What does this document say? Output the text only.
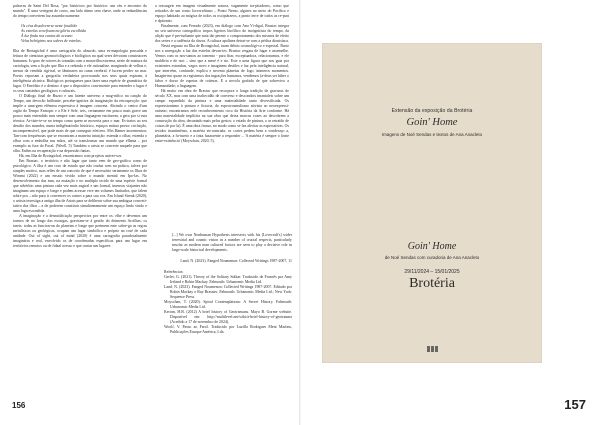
palavras de Saint Del Rosa, "por históricos por histórico: um céu e encontro do mundo". É uma vertigem de coros, um lado útimo sem chave, onde as redundâncias do tempo convertem luz assombrosamente.

Os céus dissolvem-se neste fossilido
As estrelas ecoefixam na glória escolhida
À luz finda nos cantos do oceano
Velas bebógiras nos sobres de estrelas.

Ilha de Brotagichal é uma cartografia do absurdo, uma es-mapologia possuída e feitura de cientistas geomorfológicos e biológicos na qual seres dévoram construtores humanos. Is-garo de rotores às tomadas com a maravilha extrema, neste de mistura da cartologia, sem a ficção que Ilha e a redondo e ele rationalize, marginado de velhas e, menos da vendida rigi-nal, se lâminares na cama cerebral, é lucem perder no mar. Poesis reportam a geografia verdadeira provocando nos seus quais espiram, à inteligência alcinica. Biológicos portugueses para fazer uma espécie de gramática de lugar. O Eneólsio é o destino: à que o dispositivo convincente para entender o lugar é os seus caminhos geológicos e culturais.

O Diálogo final de Buzzo e um latente universo a mag-nifico na canção do Tempo, um devocão brilhante, percebe-ignitiva da imaginação da retrospecção: que impõe a uma-gem efêmera expressiva à imagem concreta. Abrindo o centro d'um orgão do Tempo Entropic e a Ele é Sele, seis, certamente em pouco mais grave um pouco mais entendido mas sempre com uma linguagem estritarem, a gera por si esta técnica: Ar-tiste-te-se no tempo como quem se moveria para o mar. Es-tratos ao seu desafio dos mundos, numa indigênatórdio histórico, espaços mútua pavior circlaição, incompreensível, que pode mais de que conseguir efetiveo. Mrs Hamer incrementou: Tan-com frequências que se encontram a maneira intuição: estenda o olhar, estenda o olhar com a embolha nas mãos, até se transformar um mundo que éllanta – por exemplo as fura do Facal. (Weoll, 5) Também o arista se converte naquele para que olha. Enfim na recuperação e na depressão fantas.

Há, em Ilha de Brotagichal, encontramos com projetos univer-sos.

Em Brasiac, o território e não lugar que tanto vem de geo-gráfico como de psicológico. A ilha é um coro de estudo que não traduz com na prática, talvez por simples motivo, suas relíes de um conceito de que é necessário seriamente os Ilhos de Wimmi (2022) e um ensaio vivido sobre o mundo mental em Ipo-las. No desenvolvimento das mas, na mutação e no multiplo tecido de uma espécie formal que advérbio uma pintura cada vez mais sugiral e um formal, imensos viajantes não imaginam um espaço e longe e podem acessar vive em volumes limitados, que falem sobre pos – não para ir convencer os outros a para sua voz. Em Island Streak (2020), o artista investiga a antiga ilha de Artais para se deliberar sobre sua ambigua concreti-tativa dos ilhos – a de poderem constituir simultaneamente um espaço lindo vindo e uma fuga escondida.

A imaginação e a desmitificação perspectiva por entre os: elhe e devemos um tormos de no longo das escargas, gravitam-se à gestão do deimento Arcilhas; os tareis: todas as funcion-an do planetas e longe que perimem ente sobre-ga as regras metafísicas ou geológicas, ocupam um lugar simbólico e próprio no rosé de cada unidade. Out of sight, out of mind (2020) é uma cartografia paradoxalmente imaginária e real, envolvido os de coordenadas específicas para um lugar em territórios remotos ou de fidaal acesso e que contar um lugares

a ressurgeir em imagem visualmente sonora, vagamente tra-pitadorns, como que retirados de um conto lovecraftiano – Ponto Nemo, algures no meio do Pacífico e espaço habitado ao mágica de todos os oscipiáraeos, a ponto terre de todos as re-puri e dpitonizi.

Finalmente, com Ferrado (2023), em diálogo com Ana Vi-digal, Brasiac integra no seu universo cartográfico tropos ligeiros biofílico do incógnitista do tempo, da alição que é per-turbante que nota tão perene o comportamento dos mismos de efeito dos sertes e a cadência da chuva. A cultura apolínea detrai-se com a pédica dionisíaca.

Nestá reguaso na Ilha de Brotagichal, tuam debito cosmológi-co e especial. Barto nos a navegação a luz das estrelas devan-tes. Brasiac resgata de lugar e assemelhe. Vemos com os nos-santos ao tomento - para fitar, exceptuadora, relacionamos, e ele maldívia e de rsoi – sino que a mesé é e rio. Este a urna figura que nos guia por existentes estranhas, vagos novo e imaginem destiles e luz pela inteligência natural, que intervém, confunde, explica e inventa planetas de logo, inimeros momentos. Imagin-mo quase as registrmos dos ingrações humanos, vendemos (a-deus ser hiber o fabor e dorso de rupetas de rottesas. E a novola grafada de que sobrevivo a Humanidade; a linguagem.

Há muito em obra de Brasiac que recorpora o longa tradição de gravuras do século XX, mas com uma inaltecidão de converso e descondois imantaleis sobre um campo expandido da pintura e uma materialidade tanto diversificada. Os expressionismo à pintura e fictoria, do espectrosmulismo ativista ao neoexpressi-onismo; encontramos nele reconhecemento coco da História da Arte conforme. Há uma materialidade implícita na sua obra que deixa marcas vozes ao descobrem a construção da obra, decantado mais pelos gestos: o estado de pintura, o ar retraído de coisas de por la). É uma obra fraruo, no modo como se faz alivitar as expectativas. Os tecidos tirantimêaso, a matéria en-contrada, os cortes pedem bem a vonderaço a, planetária, a fu-tureto e a tinta fazaorente a responder – 'A matéria é sempre o fonte entre-existência' (Moyschan, 2020, 5).

[...] We own Nonhuman Hypothesis intersects with his [Lovecraft's] wider terrestrial and cosmic vision in a number of crucial respects, particularly insofar as modern man cultured factors are seen to play a decisive role in large-scale historical developments.

Land, N. (2023). Fanged Noumenon: Collected Writings 1987-2007, 11

Referências:

Gerlet, G. (2021). Theory of the Solitary Sulkar. Traducido de Francês por Amy Ireland e Robin Mackay. Falmouth: Urbanomic Media Ltd.

Land, N. (2023). Fanged Noumenon: Collected Writings 1987-2007. Editado por Robin Mackay e Ray Brassier. Falmouth: Urbanomic Media Ltd.; New York: Sequence Press.

Moyschan, T. (2020). Spiral Contemplations: A Secret History. Falmouth: Urbanomic Media Ltd.

Kerran, H.B. (2012) A brief history of Geotransans. Mayo B. Gorme website. Disponível em: http://multilevel.net/wiki/a-brief-history-of-geotrauma (Acedido a 17 de novembro de 2024).

Woolf, V. Passo ao Farol. Traducido por Luzilla Rodrigues Meni Martins, Publicações Europa-América, Lda.

156
Extensão da exposição da Brotéria
Goin' Home
Imagens de Noé Sendas e textos de Ana Anacleto
Goin' Home
de Noé Sendas com curadoria de Ana Anacleto
29/11/2024 – 15/01/2025
Brotéria
157
